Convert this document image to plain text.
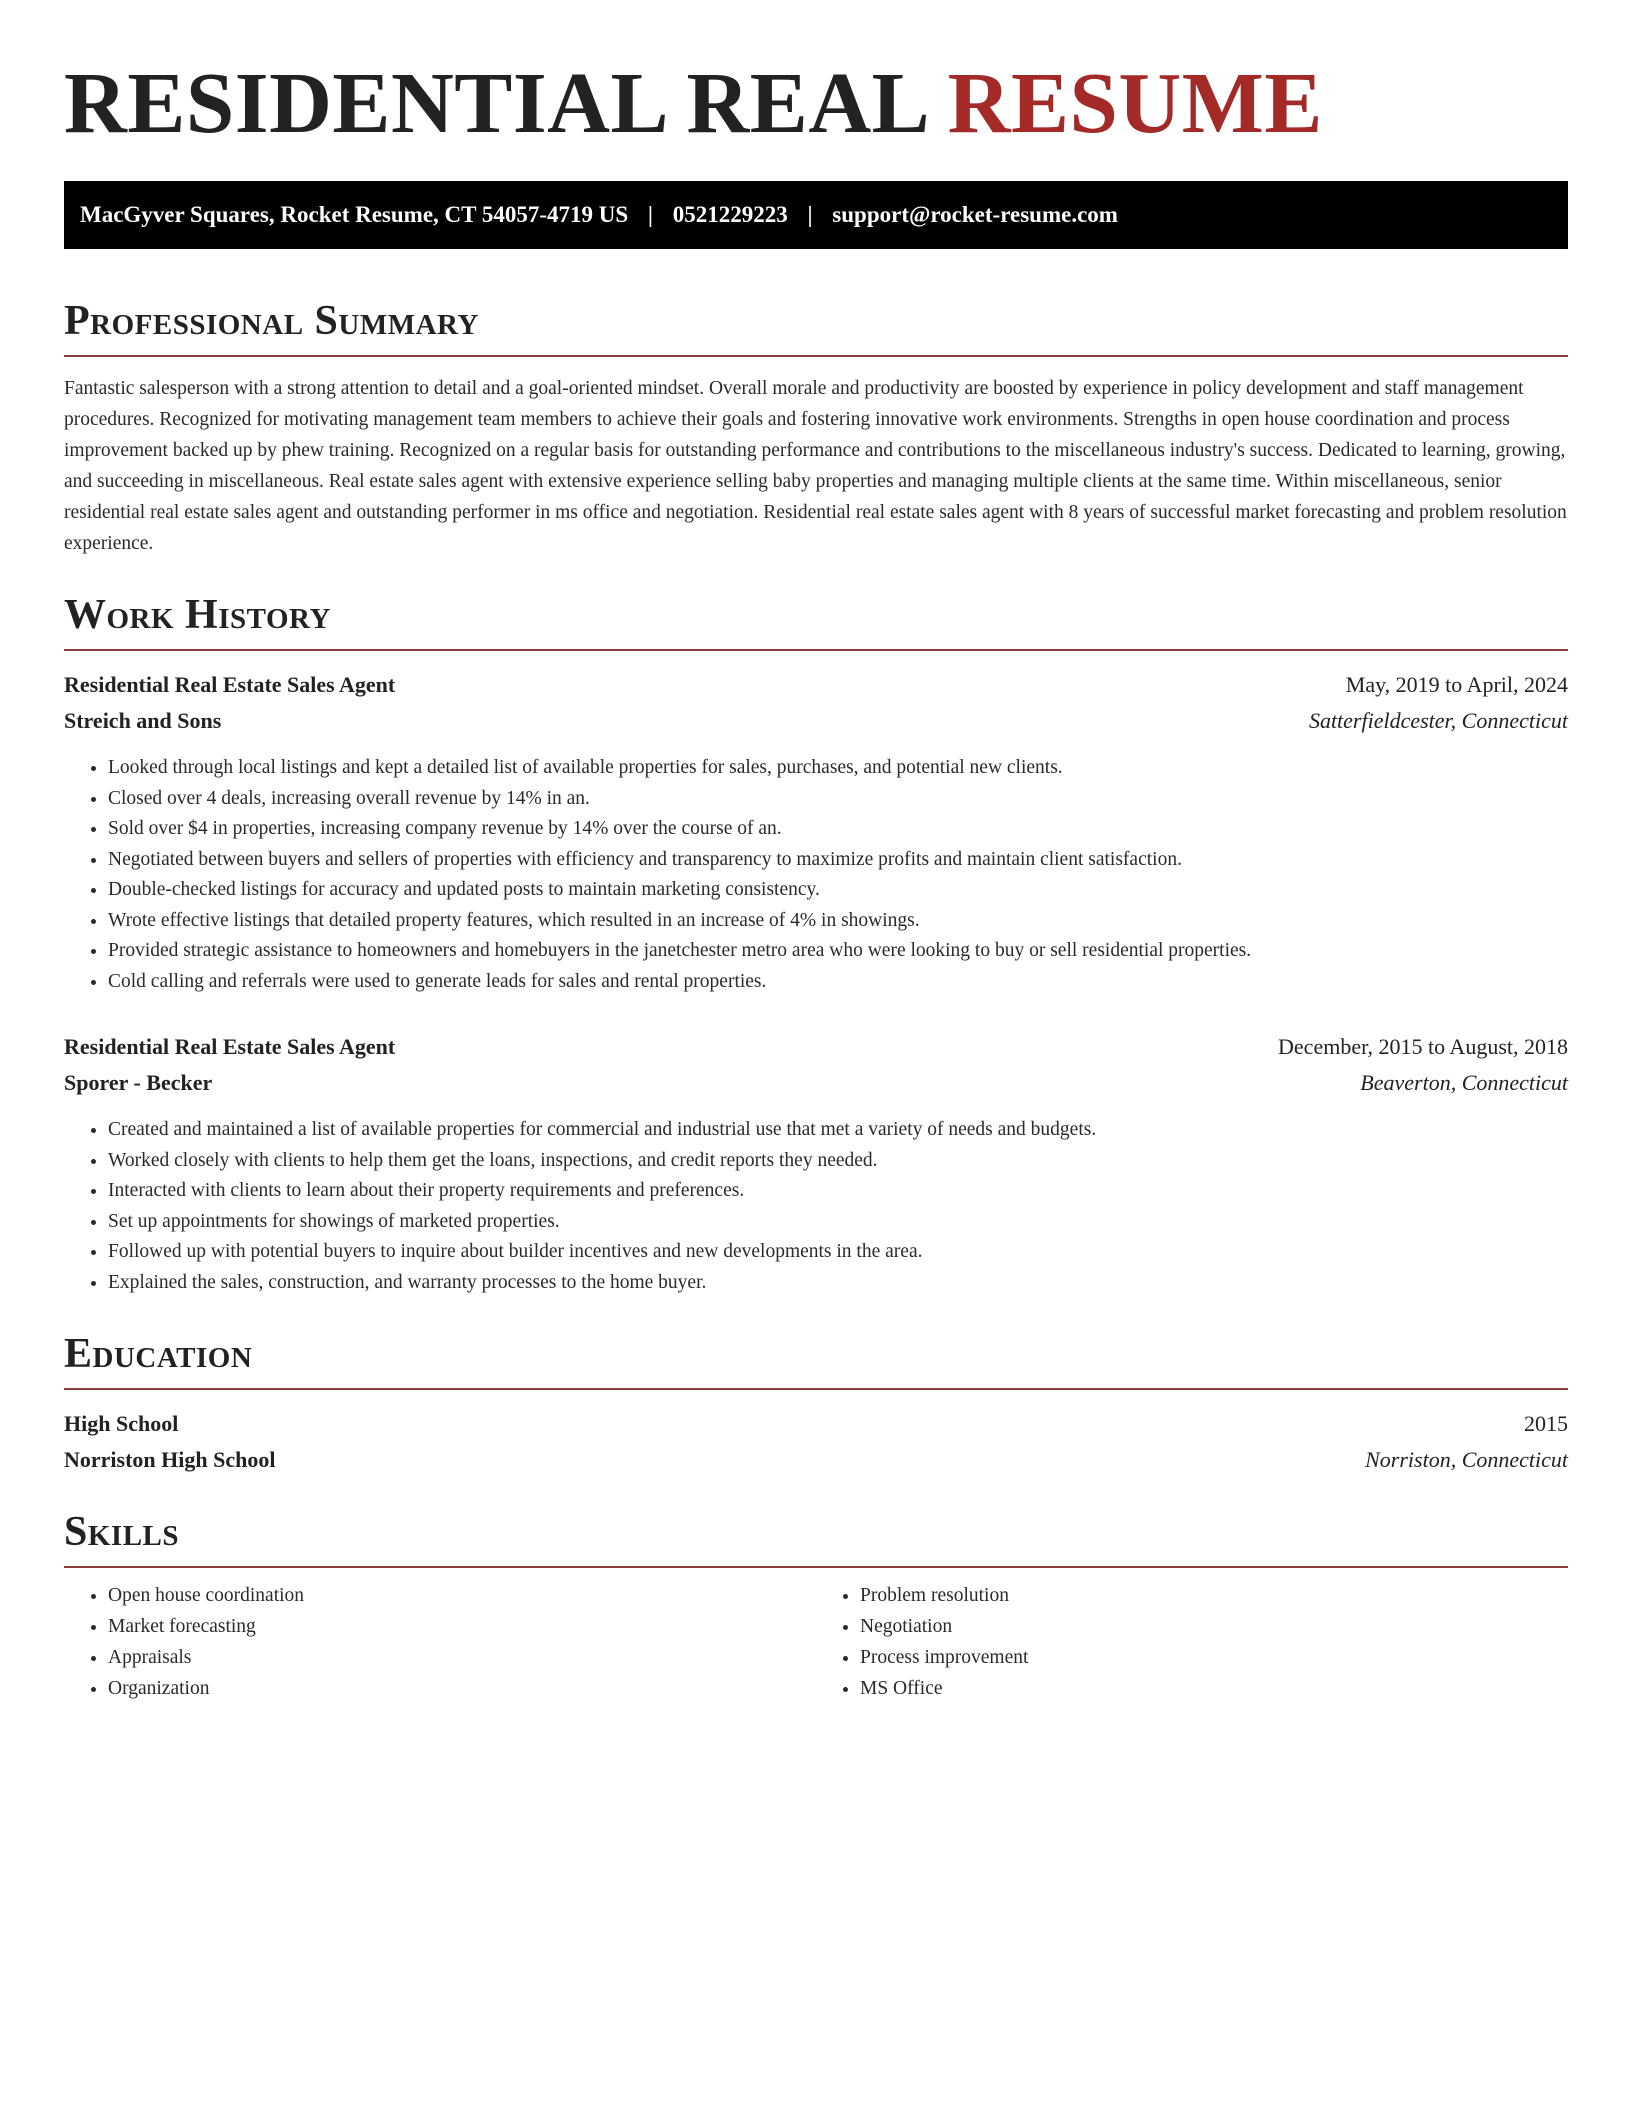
RESIDENTIAL REAL RESUME
MacGyver Squares, Rocket Resume, CT 54057-4719 US | 0521229223 | support@rocket-resume.com
Professional Summary

Fantastic salesperson with a strong attention to detail and a goal-oriented mindset. Overall morale and productivity are boosted by experience in policy development and staff management procedures. Recognized for motivating management team members to achieve their goals and fostering innovative work environments. Strengths in open house coordination and process improvement backed up by phew training. Recognized on a regular basis for outstanding performance and contributions to the miscellaneous industry's success. Dedicated to learning, growing, and succeeding in miscellaneous. Real estate sales agent with extensive experience selling baby properties and managing multiple clients at the same time. Within miscellaneous, senior residential real estate sales agent and outstanding performer in ms office and negotiation. Residential real estate sales agent with 8 years of successful market forecasting and problem resolution experience.

Work History
Residential Real Estate Sales Agent	May, 2019 to April, 2024
Streich and Sons	Satterfieldcester, Connecticut
• Looked through local listings and kept a detailed list of available properties for sales, purchases, and potential new clients.
• Closed over 4 deals, increasing overall revenue by 14% in an.
• Sold over $4 in properties, increasing company revenue by 14% over the course of an.
• Negotiated between buyers and sellers of properties with efficiency and transparency to maximize profits and maintain client satisfaction.
• Double-checked listings for accuracy and updated posts to maintain marketing consistency.
• Wrote effective listings that detailed property features, which resulted in an increase of 4% in showings.
• Provided strategic assistance to homeowners and homebuyers in the janetchester metro area who were looking to buy or sell residential properties.
• Cold calling and referrals were used to generate leads for sales and rental properties.
Residential Real Estate Sales Agent	December, 2015 to August, 2018
Sporer - Becker	Beaverton, Connecticut
• Created and maintained a list of available properties for commercial and industrial use that met a variety of needs and budgets.
• Worked closely with clients to help them get the loans, inspections, and credit reports they needed.
• Interacted with clients to learn about their property requirements and preferences.
• Set up appointments for showings of marketed properties.
• Followed up with potential buyers to inquire about builder incentives and new developments in the area.
• Explained the sales, construction, and warranty processes to the home buyer.
Education
High School	2015
Norriston High School	Norriston, Connecticut
Skills
• Open house coordination
• Market forecasting
• Appraisals
• Organization
• Problem resolution
• Negotiation
• Process improvement
• MS Office
